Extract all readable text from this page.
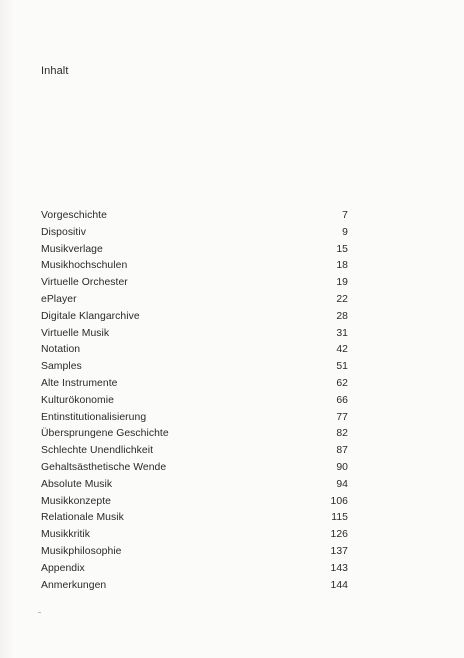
Inhalt
Vorgeschichte	7
Dispositiv	9
Musikverlage	15
Musikhochschulen	18
Virtuelle Orchester	19
ePlayer	22
Digitale Klangarchive	28
Virtuelle Musik	31
Notation	42
Samples	51
Alte Instrumente	62
Kulturökonomie	66
Entinstitutionalisierung	77
Übersprungene Geschichte	82
Schlechte Unendlichkeit	87
Gehaltsästhetische Wende	90
Absolute Musik	94
Musikkonzepte	106
Relationale Musik	115
Musikkritik	126
Musikphilosophie	137
Appendix	143
Anmerkungen	144
